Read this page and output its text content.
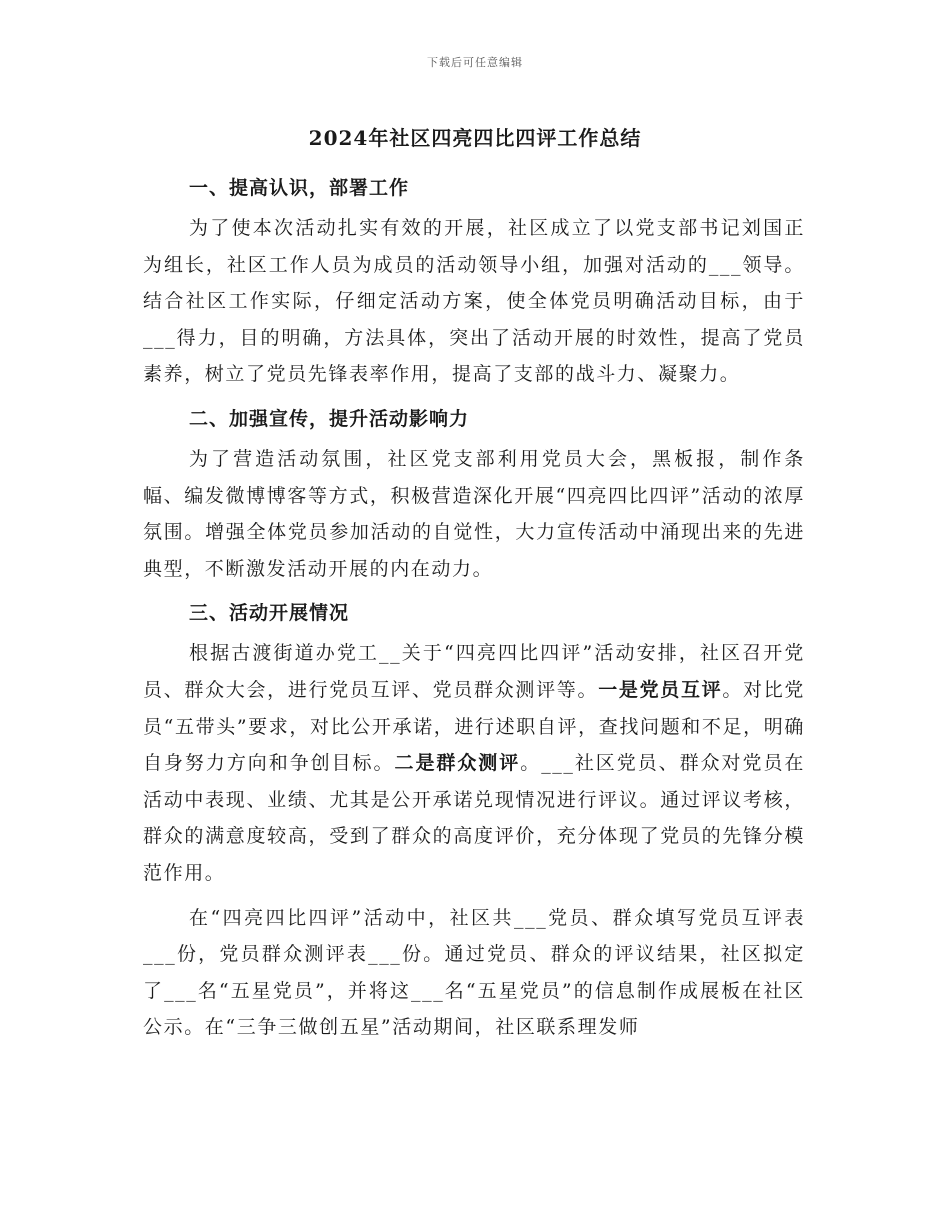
下载后可任意编辑
2024年社区四亮四比四评工作总结
一、提高认识，部署工作

为了使本次活动扎实有效的开展，社区成立了以党支部书记刘国正为组长，社区工作人员为成员的活动领导小组，加强对活动的___领导。结合社区工作实际，仔细定活动方案，使全体党员明确活动目标，由于___得力，目的明确，方法具体，突出了活动开展的时效性，提高了党员素养，树立了党员先锋表率作用，提高了支部的战斗力、凝聚力。

二、加强宣传，提升活动影响力

为了营造活动氛围，社区党支部利用党员大会，黑板报，制作条幅、编发微博博客等方式，积极营造深化开展“四亮四比四评”活动的浓厚氛围。增强全体党员参加活动的自觉性，大力宣传活动中涌现出来的先进典型，不断激发活动开展的内在动力。

三、活动开展情况

根据古渡街道办党工__关于“四亮四比四评”活动安排，社区召开党员、群众大会，进行党员互评、党员群众测评等。一是党员互评。对比党员“五带头”要求，对比公开承诺，进行述职自评，查找问题和不足，明确自身努力方向和争创目标。二是群众测评。___社区党员、群众对党员在活动中表现、业绩、尤其是公开承诺兑现情况进行评议。通过评议考核，群众的满意度较高，受到了群众的高度评价，充分体现了党员的先锋分模范作用。

在“四亮四比四评”活动中，社区共___党员、群众填写党员互评表___份，党员群众测评表___份。通过党员、群众的评议结果，社区拟定了___名“五星党员”，并将这___名“五星党员”的信息制作成展板在社区公示。在“三争三做创五星”活动期间，社区联系理发师
